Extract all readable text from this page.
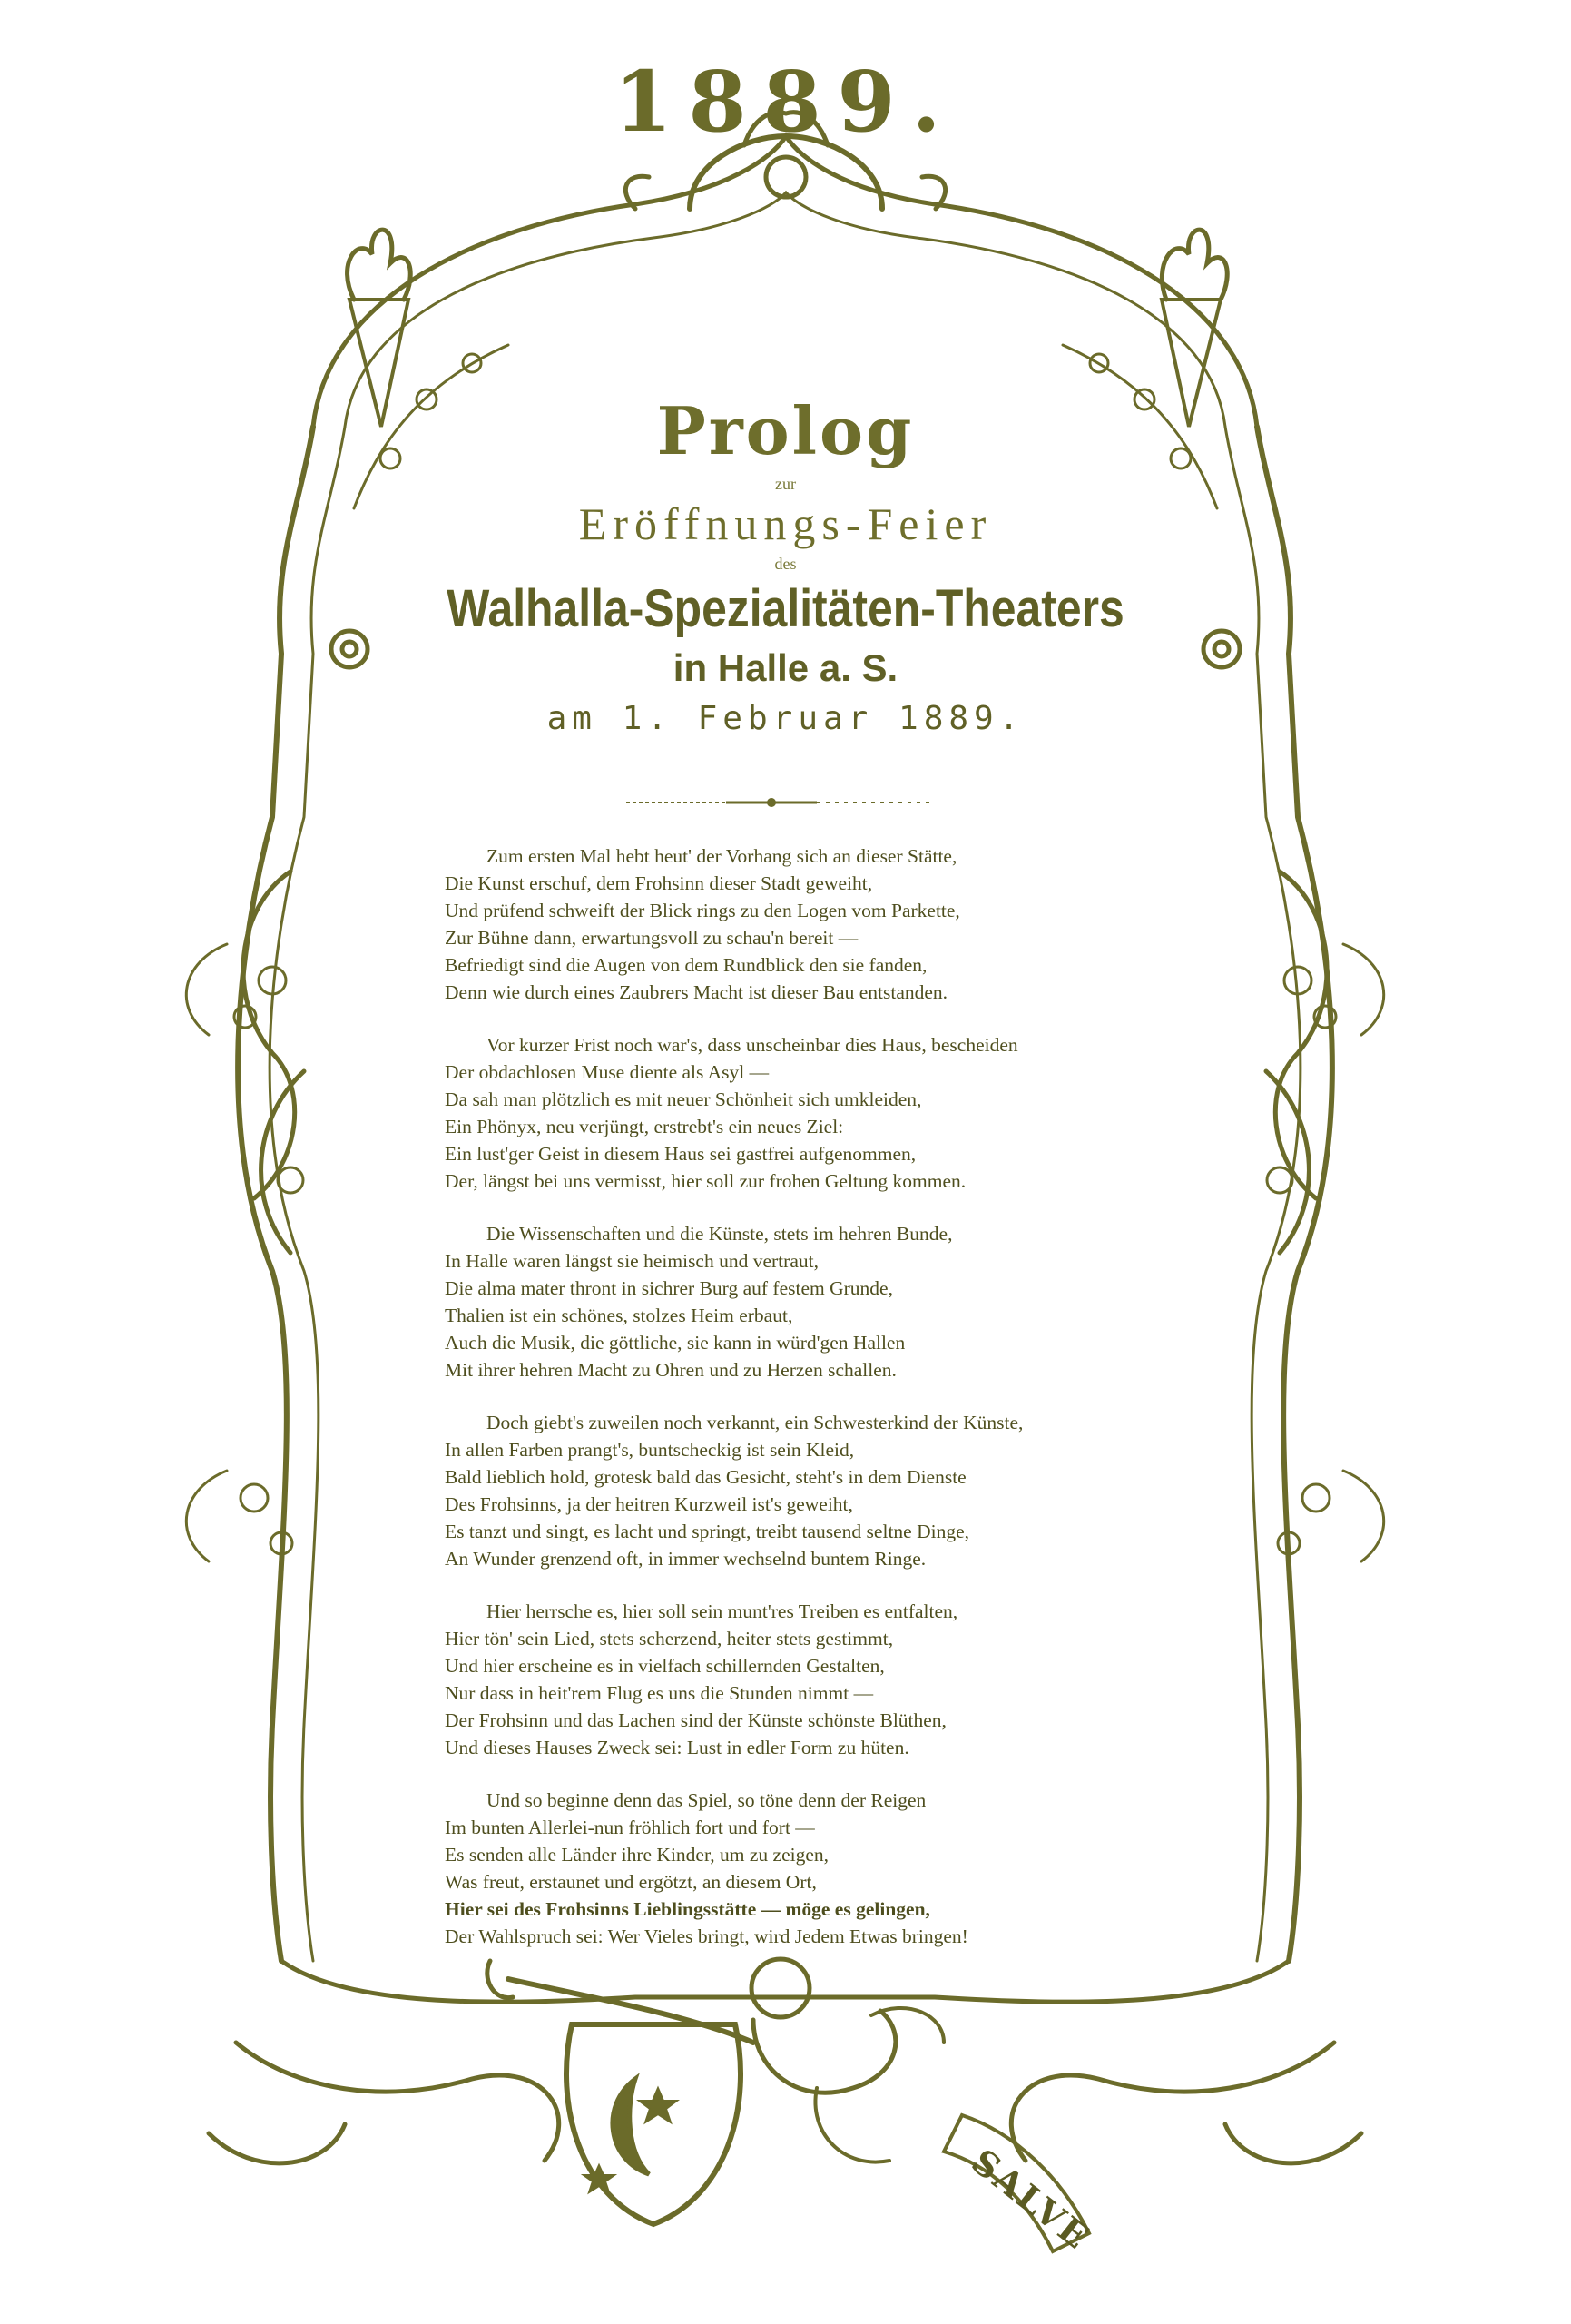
1889.
Prolog
zur
Eröffnungs-Feier
des
Walhalla-Spezialitäten-Theaters
in Halle a. S.
am 1. Februar 1889.
Zum ersten Mal hebt heut' der Vorhang sich an dieser Stätte,
Die Kunst erschuf, dem Frohsinn dieser Stadt geweiht,
Und prüfend schweift der Blick rings zu den Logen vom Parkette,
Zur Bühne dann, erwartungsvoll zu schau'n bereit —
Befriedigt sind die Augen von dem Rundblick den sie fanden,
Denn wie durch eines Zaubrers Macht ist dieser Bau entstanden.
Vor kurzer Frist noch war's, dass unscheinbar dies Haus, bescheiden
Der obdachlosen Muse diente als Asyl —
Da sah man plötzlich es mit neuer Schönheit sich umkleiden,
Ein Phönyx, neu verjüngt, erstrebt's ein neues Ziel:
Ein lust'ger Geist in diesem Haus sei gastfrei aufgenommen,
Der, längst bei uns vermisst, hier soll zur frohen Geltung kommen.
Die Wissenschaften und die Künste, stets im hehren Bunde,
In Halle waren längst sie heimisch und vertraut,
Die alma mater thront in sichrer Burg auf festem Grunde,
Thalien ist ein schönes, stolzes Heim erbaut,
Auch die Musik, die göttliche, sie kann in würd'gen Hallen
Mit ihrer hehren Macht zu Ohren und zu Herzen schallen.
Doch giebt's zuweilen noch verkannt, ein Schwesterkind der Künste,
In allen Farben prangt's, buntscheckig ist sein Kleid,
Bald lieblich hold, grotesk bald das Gesicht, steht's in dem Dienste
Des Frohsinns, ja der heitren Kurzweil ist's geweiht,
Es tanzt und singt, es lacht und springt, treibt tausend seltne Dinge,
An Wunder grenzend oft, in immer wechselnd buntem Ringe.
Hier herrsche es, hier soll sein munt'res Treiben es entfalten,
Hier tön' sein Lied, stets scherzend, heiter stets gestimmt,
Und hier erscheine es in vielfach schillernden Gestalten,
Nur dass in heit'rem Flug es uns die Stunden nimmt —
Der Frohsinn und das Lachen sind der Künste schönste Blüthen,
Und dieses Hauses Zweck sei: Lust in edler Form zu hüten.
Und so beginne denn das Spiel, so töne denn der Reigen
Im bunten Allerlei-nun fröhlich fort und fort —
Es senden alle Länder ihre Kinder, um zu zeigen,
Was freut, erstaunet und ergötzt, an diesem Ort,
Hier sei des Frohsinns Lieblingsstätte — möge es gelingen,
Der Wahlspruch sei: Wer Vieles bringt, wird Jedem Etwas bringen!
SALVE
